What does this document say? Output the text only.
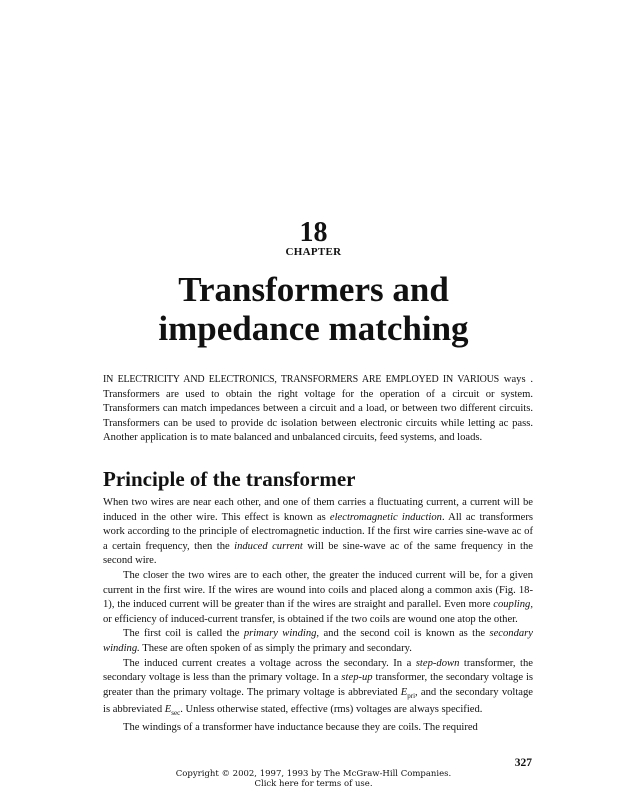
18
CHAPTER
Transformers and
impedance matching
IN ELECTRICITY AND ELECTRONICS, TRANSFORMERS ARE EMPLOYED IN VARIOUS ways . Transformers are used to obtain the right voltage for the operation of a circuit or system. Transformers can match impedances between a circuit and a load, or between two different circuits. Transformers can be used to provide dc isolation between electronic circuits while letting ac pass. Another application is to mate balanced and unbalanced circuits, feed systems, and loads.
Principle of the transformer

When two wires are near each other, and one of them carries a fluctuating current, a current will be induced in the other wire. This effect is known as electromagnetic induction. All ac transformers work according to the principle of electromagnetic induction. If the first wire carries sine-wave ac of a certain frequency, then the induced current will be sine-wave ac of the same frequency in the second wire.

The closer the two wires are to each other, the greater the induced current will be, for a given current in the first wire. If the wires are wound into coils and placed along a common axis (Fig. 18-1), the induced current will be greater than if the wires are straight and parallel. Even more coupling, or efficiency of induced-current transfer, is obtained if the two coils are wound one atop the other.

The first coil is called the primary winding, and the second coil is known as the secondary winding. These are often spoken of as simply the primary and secondary.

The induced current creates a voltage across the secondary. In a step-down transformer, the secondary voltage is less than the primary voltage. In a step-up transformer, the secondary voltage is greater than the primary voltage. The primary voltage is abbreviated $E_{pri}$, and the secondary voltage is abbreviated $E_{sec}$. Unless otherwise stated, effective (rms) voltages are always specified.

The windings of a transformer have inductance because they are coils. The required

327
Copyright © 2002, 1997, 1993 by The McGraw-Hill Companies.
Click here for terms of use.
